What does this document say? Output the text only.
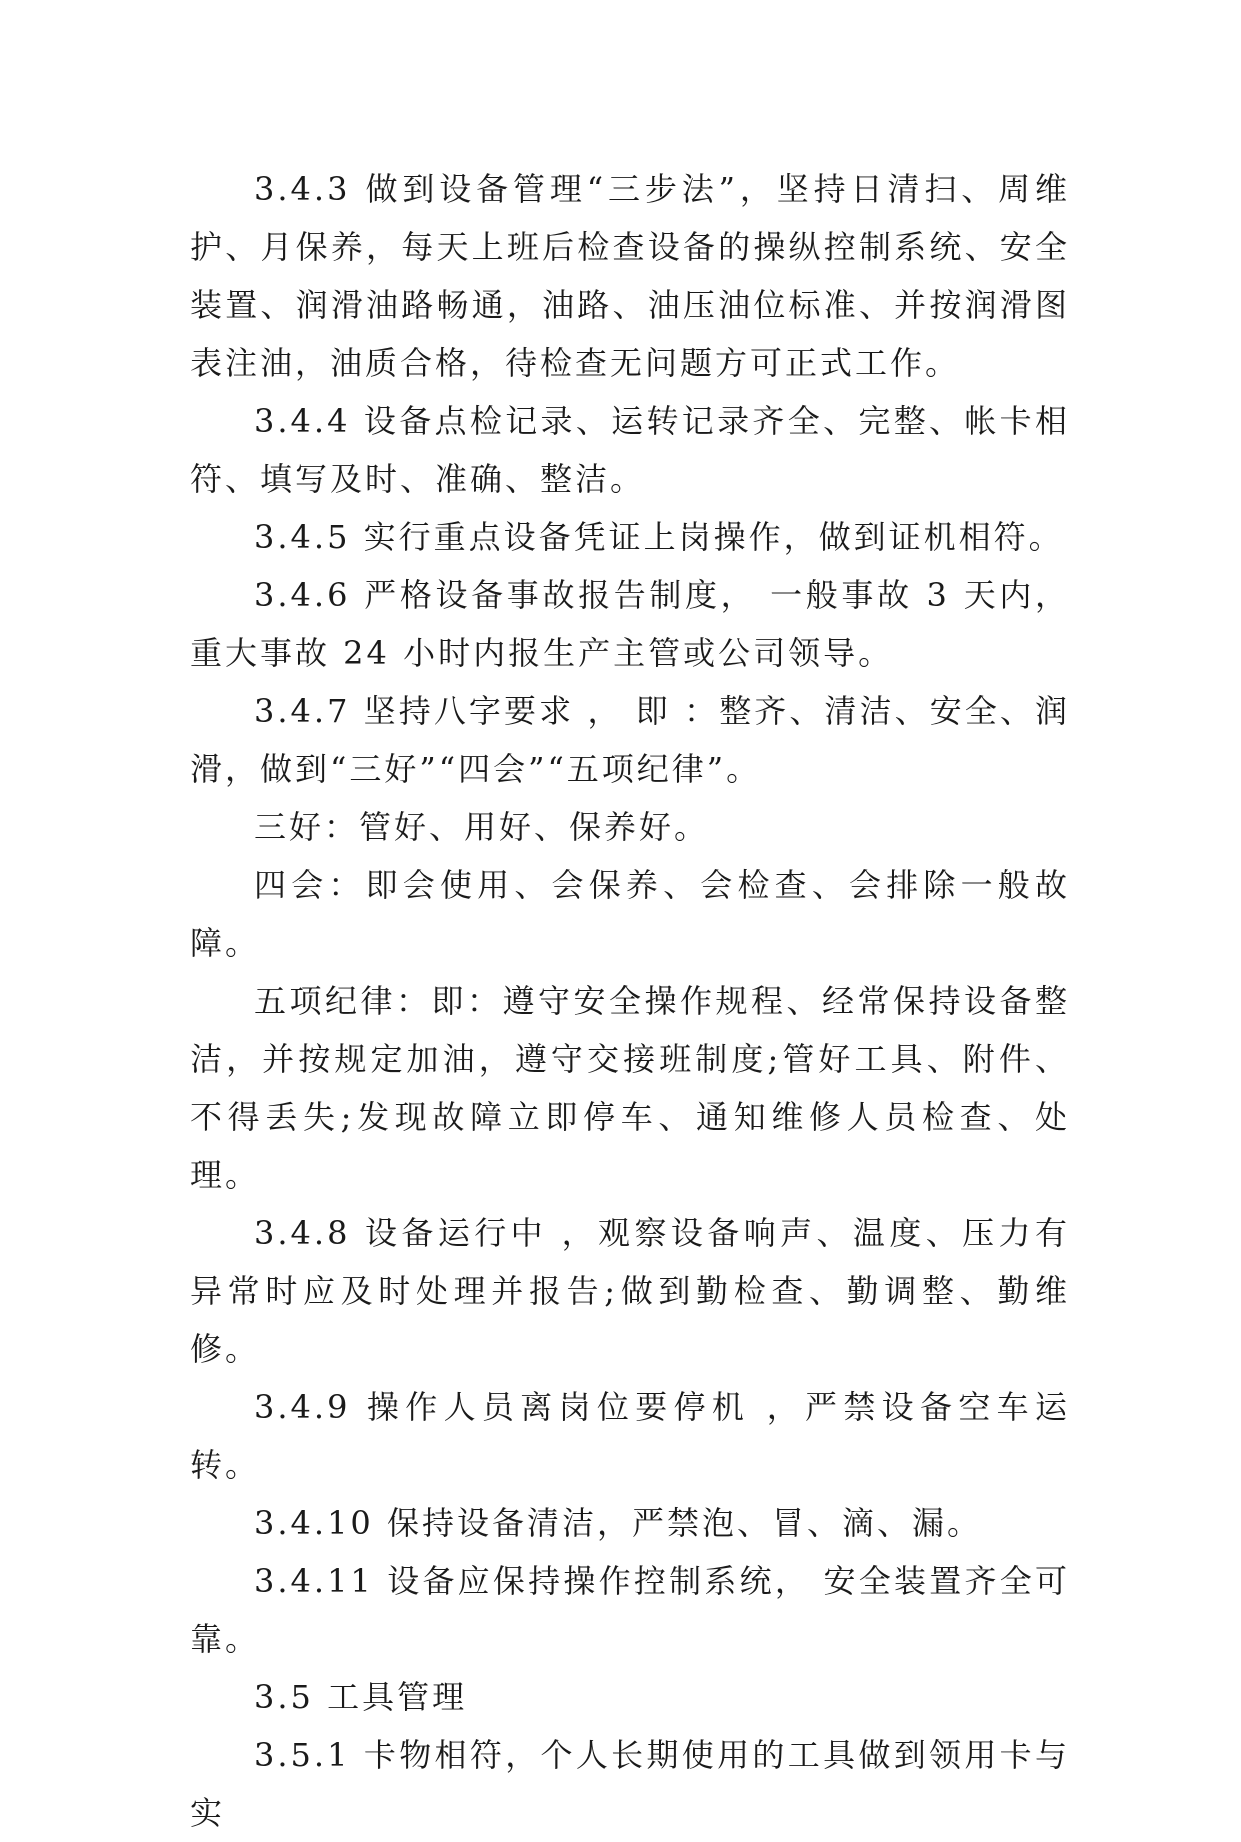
3.4.3 做到设备管理“三步法”，坚持日清扫、周维护、月保养，每天上班后检查设备的操纵控制系统、安全装置、润滑油路畅通，油路、油压油位标准、并按润滑图表注油，油质合格，待检查无问题方可正式工作。

3.4.4 设备点检记录、运转记录齐全、完整、帐卡相符、填写及时、准确、整洁。

3.4.5 实行重点设备凭证上岗操作，做到证机相符。

3.4.6 严格设备事故报告制度， 一般事故 3 天内，重大事故 24 小时内报生产主管或公司领导。

3.4.7 坚持八字要求 ， 即 ：整齐、清洁、安全、润滑，做到“三好”“四会”“五项纪律”。

三好：管好、用好、保养好。

四会：即会使用、会保养、会检查、会排除一般故障。

五项纪律：即：遵守安全操作规程、经常保持设备整洁，并按规定加油，遵守交接班制度;管好工具、附件、不得丢失;发现故障立即停车、通知维修人员检查、处理。

3.4.8 设备运行中 ，观察设备响声、温度、压力有异常时应及时处理并报告;做到勤检查、勤调整、勤维修。

3.4.9 操作人员离岗位要停机 ，严禁设备空车运转。

3.4.10 保持设备清洁，严禁泡、冒、滴、漏。

3.4.11 设备应保持操作控制系统， 安全装置齐全可靠。

3.5 工具管理

3.5.1 卡物相符，个人长期使用的工具做到领用卡与实
